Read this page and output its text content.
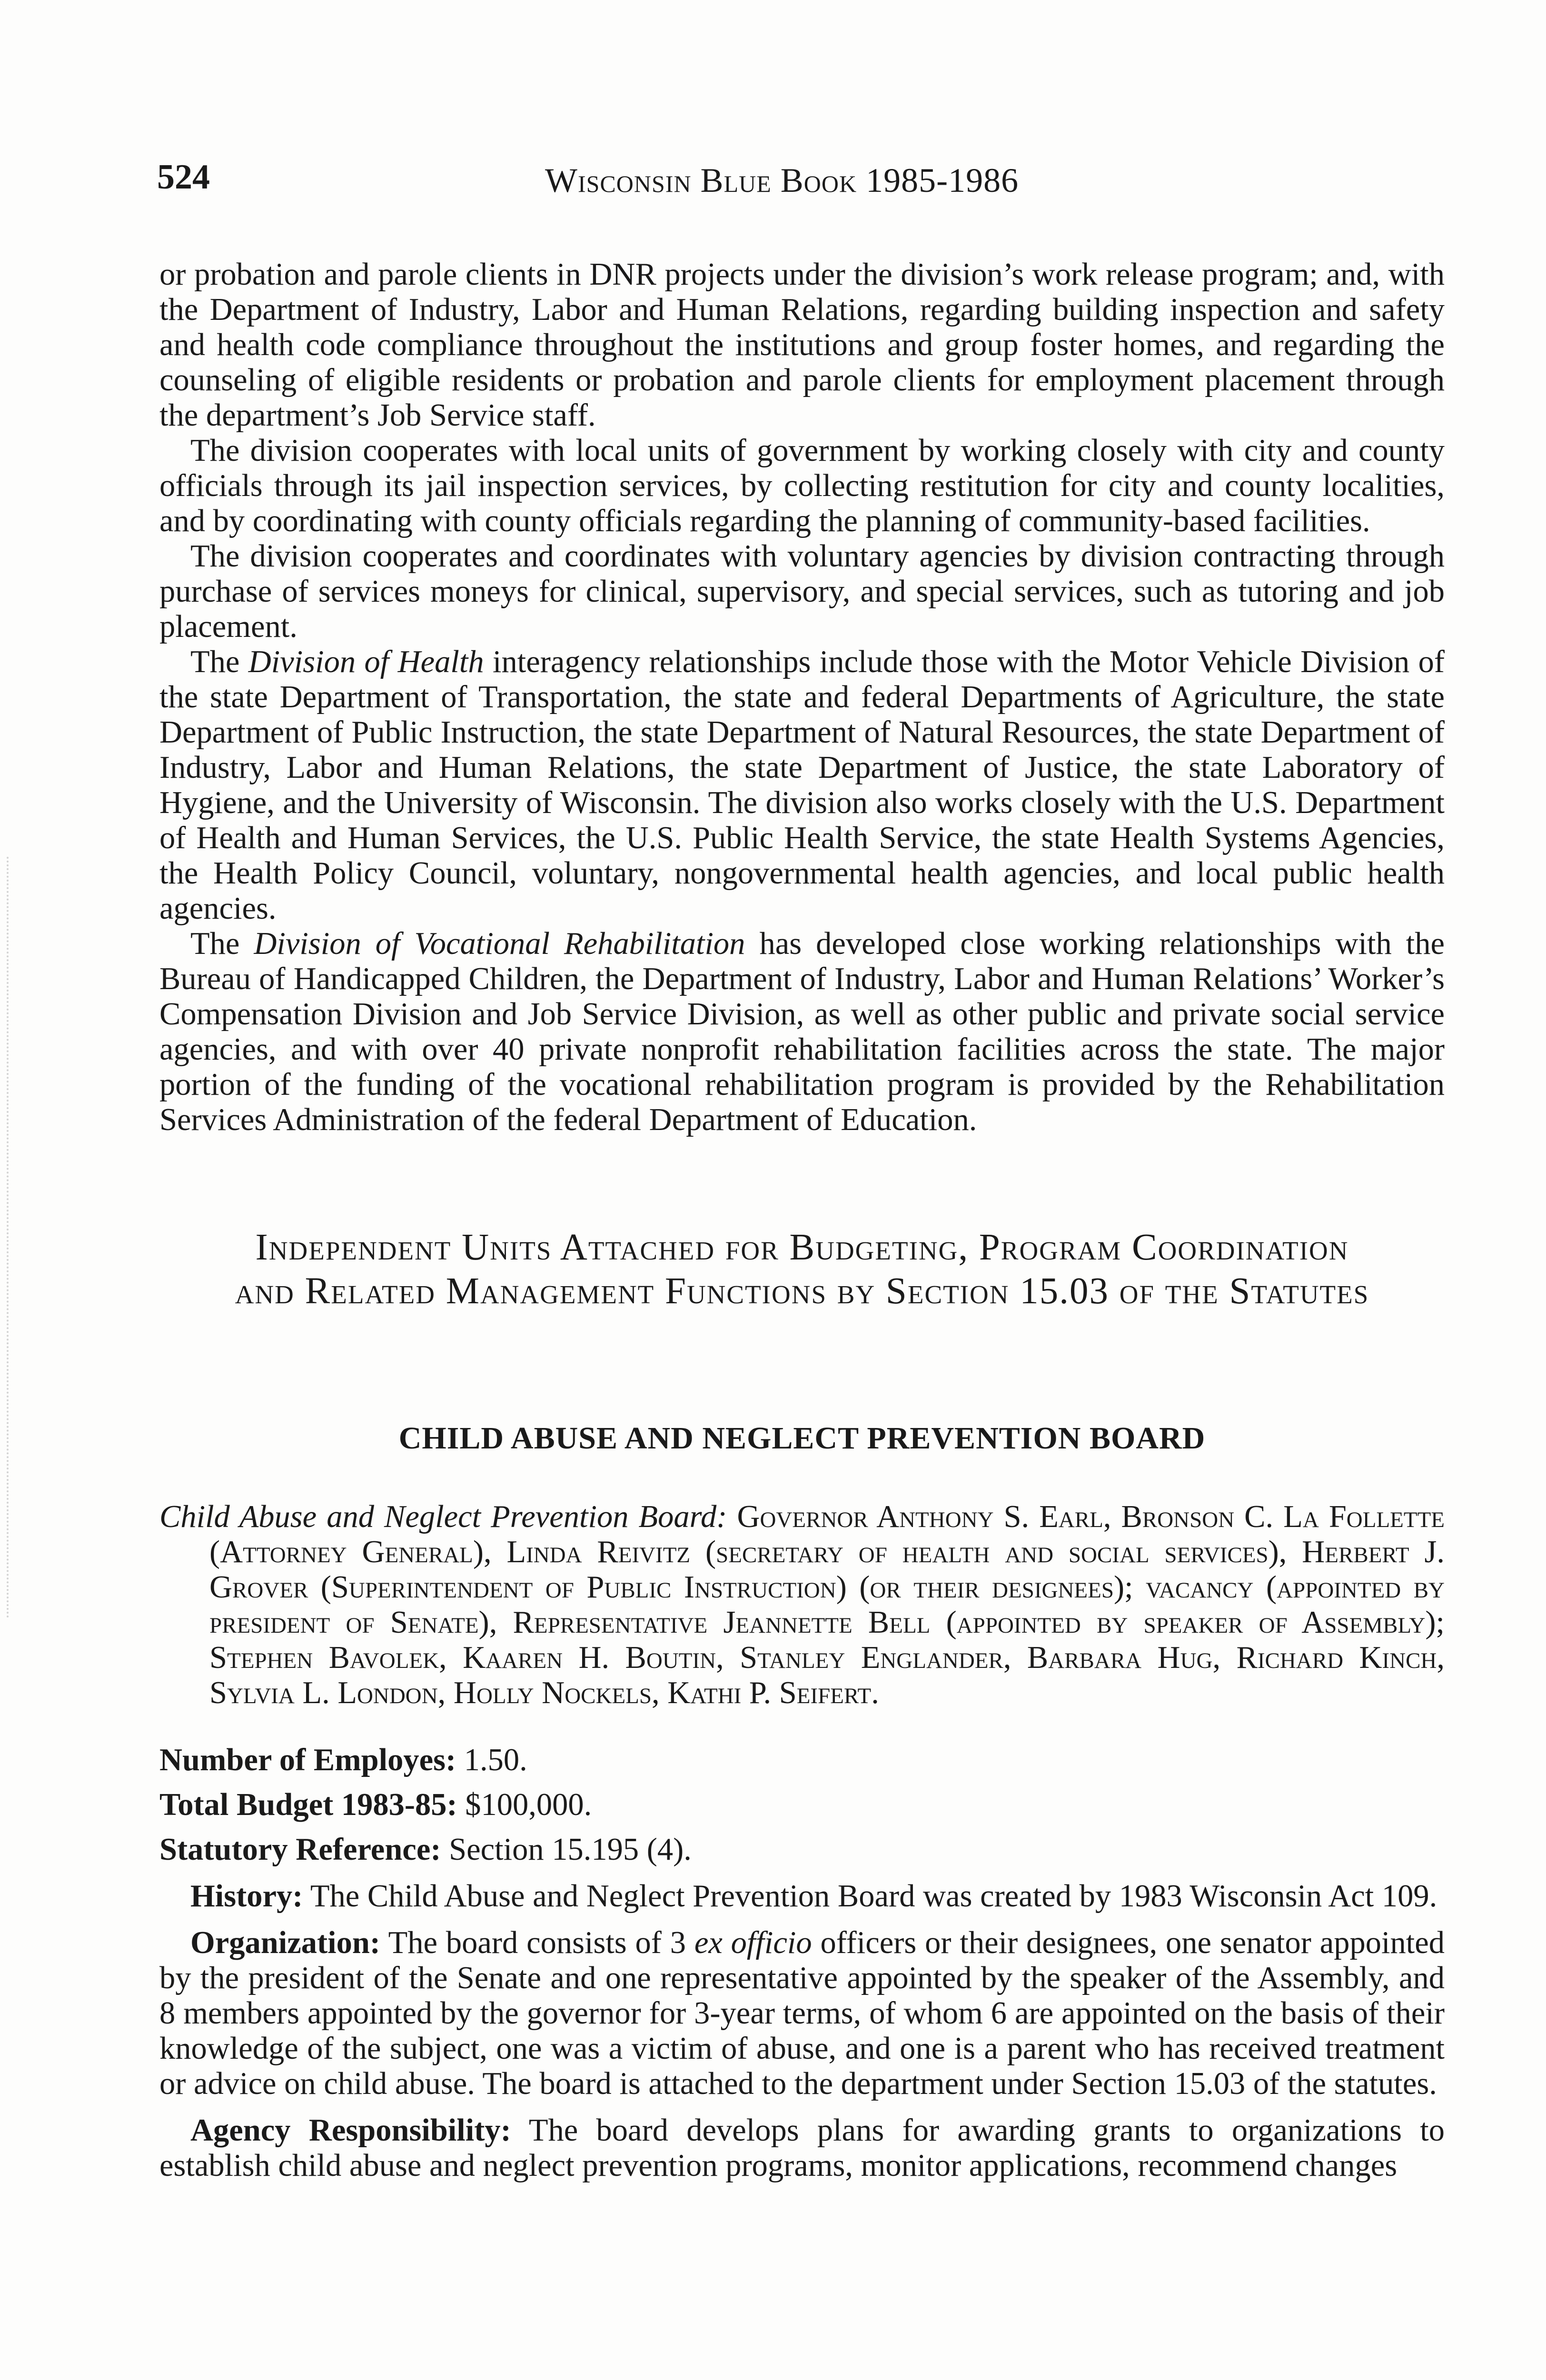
524	Wisconsin Blue Book 1985-1986

or probation and parole clients in DNR projects under the division’s work release program; and, with the Department of Industry, Labor and Human Relations, regarding building inspection and safety and health code compliance throughout the institutions and group foster homes, and regarding the counseling of eligible residents or probation and parole clients for employment placement through the department’s Job Service staff.

The division cooperates with local units of government by working closely with city and county officials through its jail inspection services, by collecting restitution for city and county localities, and by coordinating with county officials regarding the planning of community-based facilities.

The division cooperates and coordinates with voluntary agencies by division contracting through purchase of services moneys for clinical, supervisory, and special services, such as tutoring and job placement.

The Division of Health interagency relationships include those with the Motor Vehicle Division of the state Department of Transportation, the state and federal Departments of Agriculture, the state Department of Public Instruction, the state Department of Natural Resources, the state Department of Industry, Labor and Human Relations, the state Department of Justice, the state Laboratory of Hygiene, and the University of Wisconsin. The division also works closely with the U.S. Department of Health and Human Services, the U.S. Public Health Service, the state Health Systems Agencies, the Health Policy Council, voluntary, nongovernmental health agencies, and local public health agencies.

The Division of Vocational Rehabilitation has developed close working relationships with the Bureau of Handicapped Children, the Department of Industry, Labor and Human Relations’ Worker’s Compensation Division and Job Service Division, as well as other public and private social service agencies, and with over 40 private nonprofit rehabilitation facilities across the state. The major portion of the funding of the vocational rehabilitation program is provided by the Rehabilitation Services Administration of the federal Department of Education.

Independent Units Attached for Budgeting, Program Coordination
and Related Management Functions by Section 15.03 of the Statutes
CHILD ABUSE AND NEGLECT PREVENTION BOARD

Child Abuse and Neglect Prevention Board: Governor Anthony S. Earl, Bronson C. La Follette (Attorney General), Linda Reivitz (secretary of health and social services), Herbert J. Grover (Superintendent of Public Instruction) (or their designees); vacancy (appointed by president of Senate), Representative Jeannette Bell (appointed by speaker of Assembly); Stephen Bavolek, Kaaren H. Boutin, Stanley Englander, Barbara Hug, Richard Kinch, Sylvia L. London, Holly Nockels, Kathi P. Seifert.

Number of Employes: 1.50.

Total Budget 1983-85: $100,000.

Statutory Reference: Section 15.195 (4).

History: The Child Abuse and Neglect Prevention Board was created by 1983 Wisconsin Act 109.

Organization: The board consists of 3 ex officio officers or their designees, one senator appointed by the president of the Senate and one representative appointed by the speaker of the Assembly, and 8 members appointed by the governor for 3-year terms, of whom 6 are appointed on the basis of their knowledge of the subject, one was a victim of abuse, and one is a parent who has received treatment or advice on child abuse. The board is attached to the department under Section 15.03 of the statutes.

Agency Responsibility: The board develops plans for awarding grants to organizations to establish child abuse and neglect prevention programs, monitor applications, recommend changes
